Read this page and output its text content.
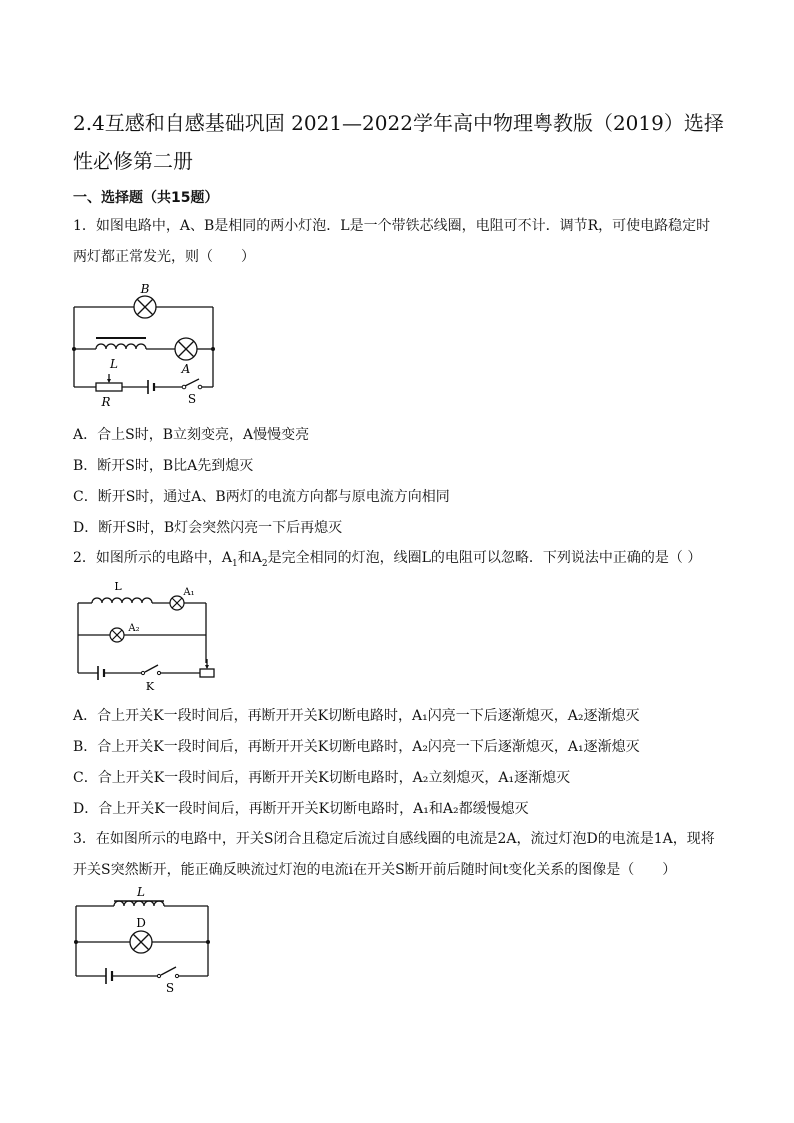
2.4互感和自感基础巩固 2021—2022学年高中物理粤教版（2019）选择性必修第二册
一、选择题（共15题）
1．如图电路中，A、B是相同的两小灯泡．L是一个带铁芯线圈，电阻可不计．调节R，可使电路稳定时两灯都正常发光，则（　　）
B
L	A
R	S
A．合上S时，B立刻变亮，A慢慢变亮
B．断开S时，B比A先到熄灭
C．断开S时，通过A、B两灯的电流方向都与原电流方向相同
D．断开S时，B灯会突然闪亮一下后再熄灭
2．如图所示的电路中，$A_1$和$A_2$是完全相同的灯泡，线圈L的电阻可以忽略．下列说法中正确的是（ ）
L	A₁
A₂
K
A．合上开关K一段时间后，再断开开关K切断电路时，A₁闪亮一下后逐渐熄灭，A₂逐渐熄灭
B．合上开关K一段时间后，再断开开关K切断电路时，A₂闪亮一下后逐渐熄灭，A₁逐渐熄灭
C．合上开关K一段时间后，再断开开关K切断电路时，A₂立刻熄灭，A₁逐渐熄灭
D．合上开关K一段时间后，再断开开关K切断电路时，A₁和A₂都缓慢熄灭
3．在如图所示的电路中，开关S闭合且稳定后流过自感线圈的电流是2A，流过灯泡D的电流是1A，现将开关S突然断开，能正确反映流过灯泡的电流i在开关S断开前后随时间t变化关系的图像是（　　）
L
D
S
